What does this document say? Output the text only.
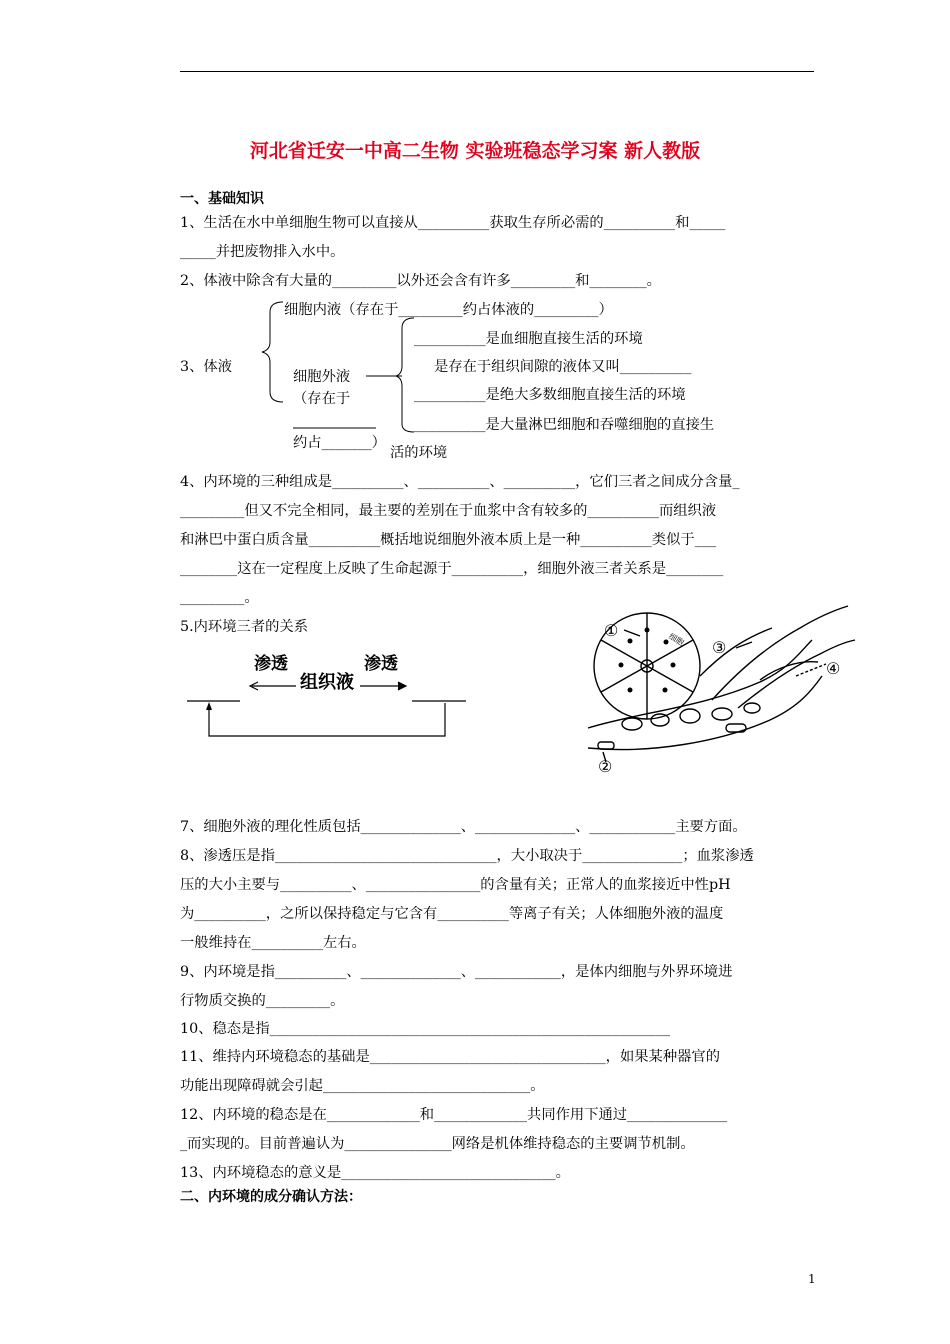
河北省迁安一中高二生物 实验班稳态学习案 新人教版
一、基础知识
1、生活在水中单细胞生物可以直接从__________获取生存所必需的__________和_____
_____并把废物排入水中。
2、体液中除含有大量的_________以外还会含有许多_________和________。
3、体液
细胞内液（存在于_________约占体液的_________）
细胞外液
（存在于
约占_______）
__________是血细胞直接生活的环境
是存在于组织间隙的液体又叫__________
__________是绝大多数细胞直接生活的环境
__________是大量淋巴细胞和吞噬细胞的直接生
活的环境
4、内环境的三种组成是__________、__________、__________，它们三者之间成分含量_
_________但又不完全相同，最主要的差别在于血浆中含有较多的__________而组织液
和淋巴中蛋白质含量__________概括地说细胞外液本质上是一种__________类似于___
________这在一定程度上反映了生命起源于__________，细胞外液三者关系是________
_________。
5.内环境三者的关系
渗透
组织液
渗透
①
②
③
④
细胞
7、细胞外液的理化性质包括______________、______________、____________主要方面。
8、渗透压是指_______________________________，大小取决于______________；血浆渗透
压的大小主要与__________、________________的含量有关；正常人的血浆接近中性pH
为__________，之所以保持稳定与它含有__________等离子有关；人体细胞外液的温度
一般维持在__________左右。
9、内环境是指__________、______________、____________，是体内细胞与外界环境进
行物质交换的_________。
10、稳态是指________________________________________________________
11、维持内环境稳态的基础是_________________________________，如果某种器官的
功能出现障碍就会引起_____________________________。
12、内环境的稳态是在_____________和_____________共同作用下通过______________
_而实现的。目前普遍认为_______________网络是机体维持稳态的主要调节机制。
13、内环境稳态的意义是______________________________。
二、内环境的成分确认方法：
1
